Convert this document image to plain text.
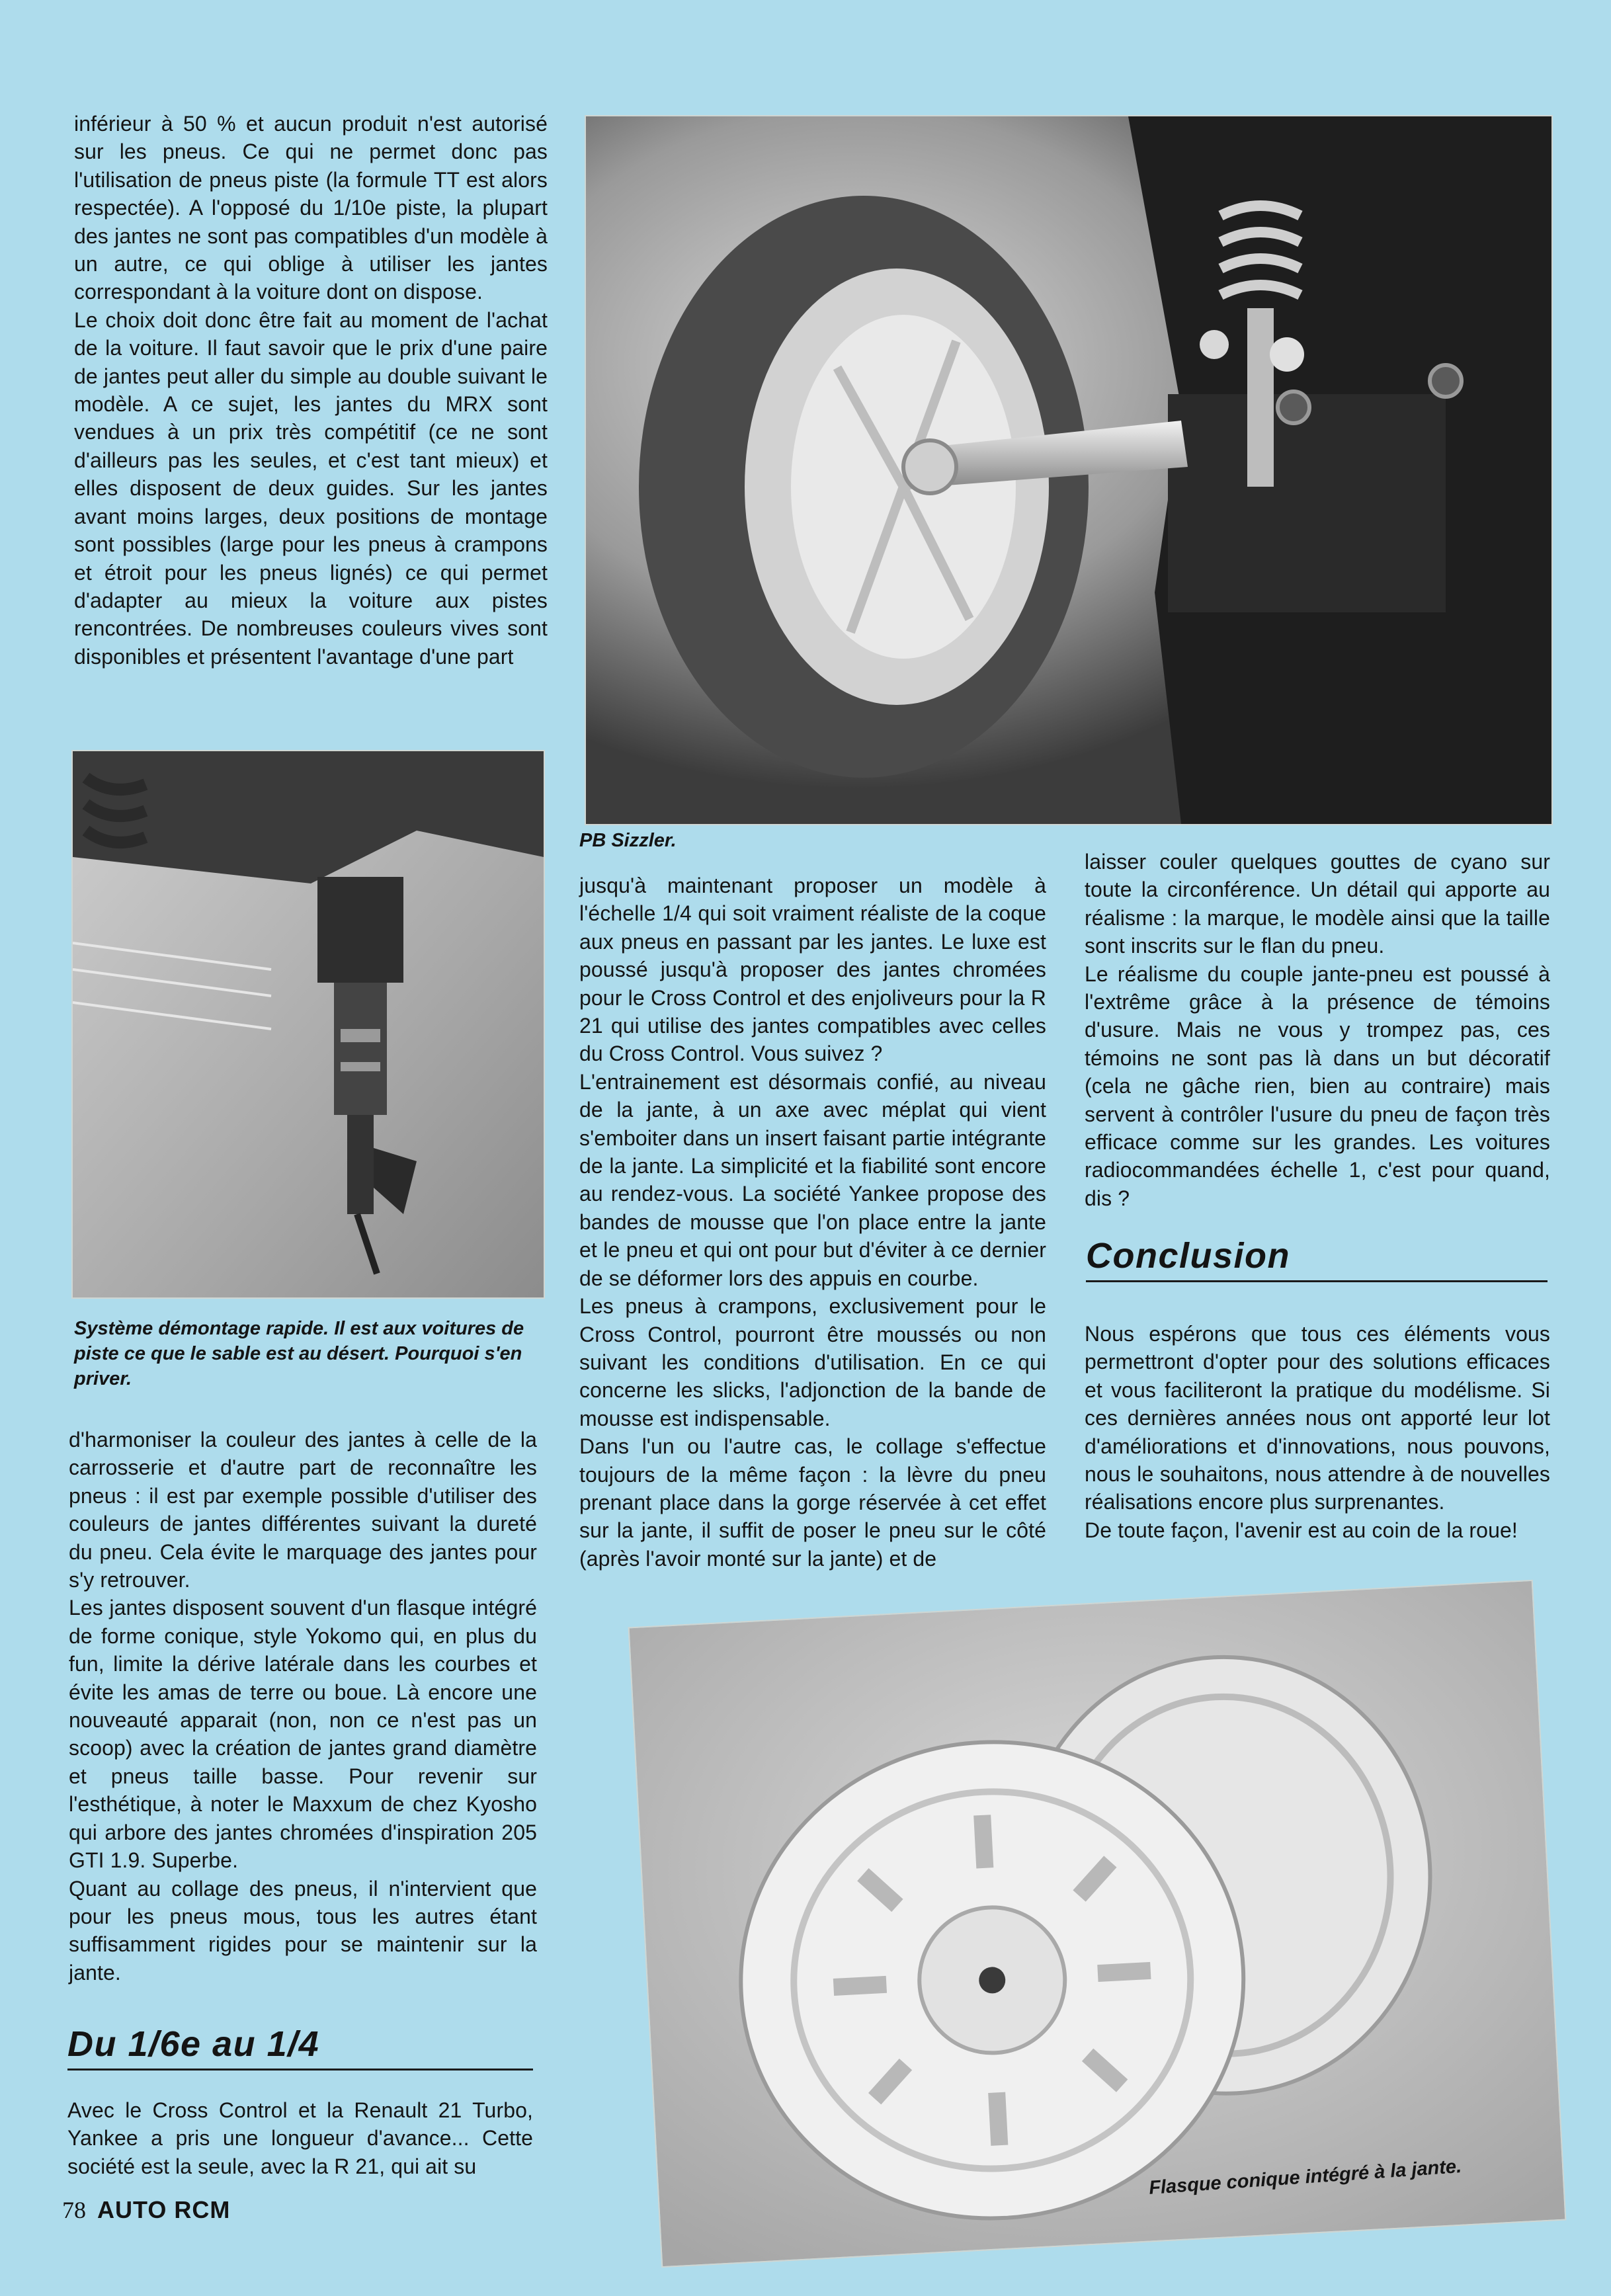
inférieur à 50 % et aucun produit n'est autorisé sur les pneus. Ce qui ne permet donc pas l'utilisation de pneus piste (la formule TT est alors respectée). A l'opposé du 1/10e piste, la plupart des jantes ne sont pas compatibles d'un modèle à un autre, ce qui oblige à utiliser les jantes correspondant à la voiture dont on dispose.

Le choix doit donc être fait au moment de l'achat de la voiture. Il faut savoir que le prix d'une paire de jantes peut aller du simple au double suivant le modèle. A ce sujet, les jantes du MRX sont vendues à un prix très compétitif (ce ne sont d'ailleurs pas les seules, et c'est tant mieux) et elles disposent de deux guides. Sur les jantes avant moins larges, deux positions de montage sont possibles (large pour les pneus à crampons et étroit pour les pneus lignés) ce qui permet d'adapter au mieux la voiture aux pistes rencontrées. De nombreuses couleurs vives sont disponibles et présentent l'avantage d'une part

PB Sizzler.
Système démontage rapide. Il est aux voitures de piste ce que le sable est au désert. Pourquoi s'en priver.

d'harmoniser la couleur des jantes à celle de la carrosserie et d'autre part de reconnaître les pneus : il est par exemple possible d'utiliser des couleurs de jantes différentes suivant la dureté du pneu. Cela évite le marquage des jantes pour s'y retrouver.

Les jantes disposent souvent d'un flasque intégré de forme conique, style Yokomo qui, en plus du fun, limite la dérive latérale dans les courbes et évite les amas de terre ou boue. Là encore une nouveauté apparait (non, non ce n'est pas un scoop) avec la création de jantes grand diamètre et pneus taille basse. Pour revenir sur l'esthétique, à noter le Maxxum de chez Kyosho qui arbore des jantes chromées d'inspiration 205 GTI 1.9. Superbe.

Quant au collage des pneus, il n'intervient que pour les pneus mous, tous les autres étant suffisamment rigides pour se maintenir sur la jante.

Du 1/6e au 1/4

Avec le Cross Control et la Renault 21 Turbo, Yankee a pris une longueur d'avance... Cette société est la seule, avec la R 21, qui ait su

jusqu'à maintenant proposer un modèle à l'échelle 1/4 qui soit vraiment réaliste de la coque aux pneus en passant par les jantes. Le luxe est poussé jusqu'à proposer des jantes chromées pour le Cross Control et des enjoliveurs pour la R 21 qui utilise des jantes compatibles avec celles du Cross Control. Vous suivez ?

L'entrainement est désormais confié, au niveau de la jante, à un axe avec méplat qui vient s'emboiter dans un insert faisant partie intégrante de la jante. La simplicité et la fiabilité sont encore au rendez-vous. La société Yankee propose des bandes de mousse que l'on place entre la jante et le pneu et qui ont pour but d'éviter à ce dernier de se déformer lors des appuis en courbe.

Les pneus à crampons, exclusivement pour le Cross Control, pourront être moussés ou non suivant les conditions d'utilisation. En ce qui concerne les slicks, l'adjonction de la bande de mousse est indispensable.

Dans l'un ou l'autre cas, le collage s'effectue toujours de la même façon : la lèvre du pneu prenant place dans la gorge réservée à cet effet sur la jante, il suffit de poser le pneu sur le côté (après l'avoir monté sur la jante) et de

laisser couler quelques gouttes de cyano sur toute la circonférence. Un détail qui apporte au réalisme : la marque, le modèle ainsi que la taille sont inscrits sur le flan du pneu.

Le réalisme du couple jante-pneu est poussé à l'extrême grâce à la présence de témoins d'usure. Mais ne vous y trompez pas, ces témoins ne sont pas là dans un but décoratif (cela ne gâche rien, bien au contraire) mais servent à contrôler l'usure du pneu de façon très efficace comme sur les grandes. Les voitures radiocommandées échelle 1, c'est pour quand, dis ?

Conclusion

Nous espérons que tous ces éléments vous permettront d'opter pour des solutions efficaces et vous faciliteront la pratique du modélisme. Si ces dernières années nous ont apporté leur lot d'améliorations et d'innovations, nous pouvons, nous le souhaitons, nous attendre à de nouvelles réalisations encore plus surprenantes.

De toute façon, l'avenir est au coin de la roue!

Flasque conique intégré à la jante.
78 AUTO RCM
